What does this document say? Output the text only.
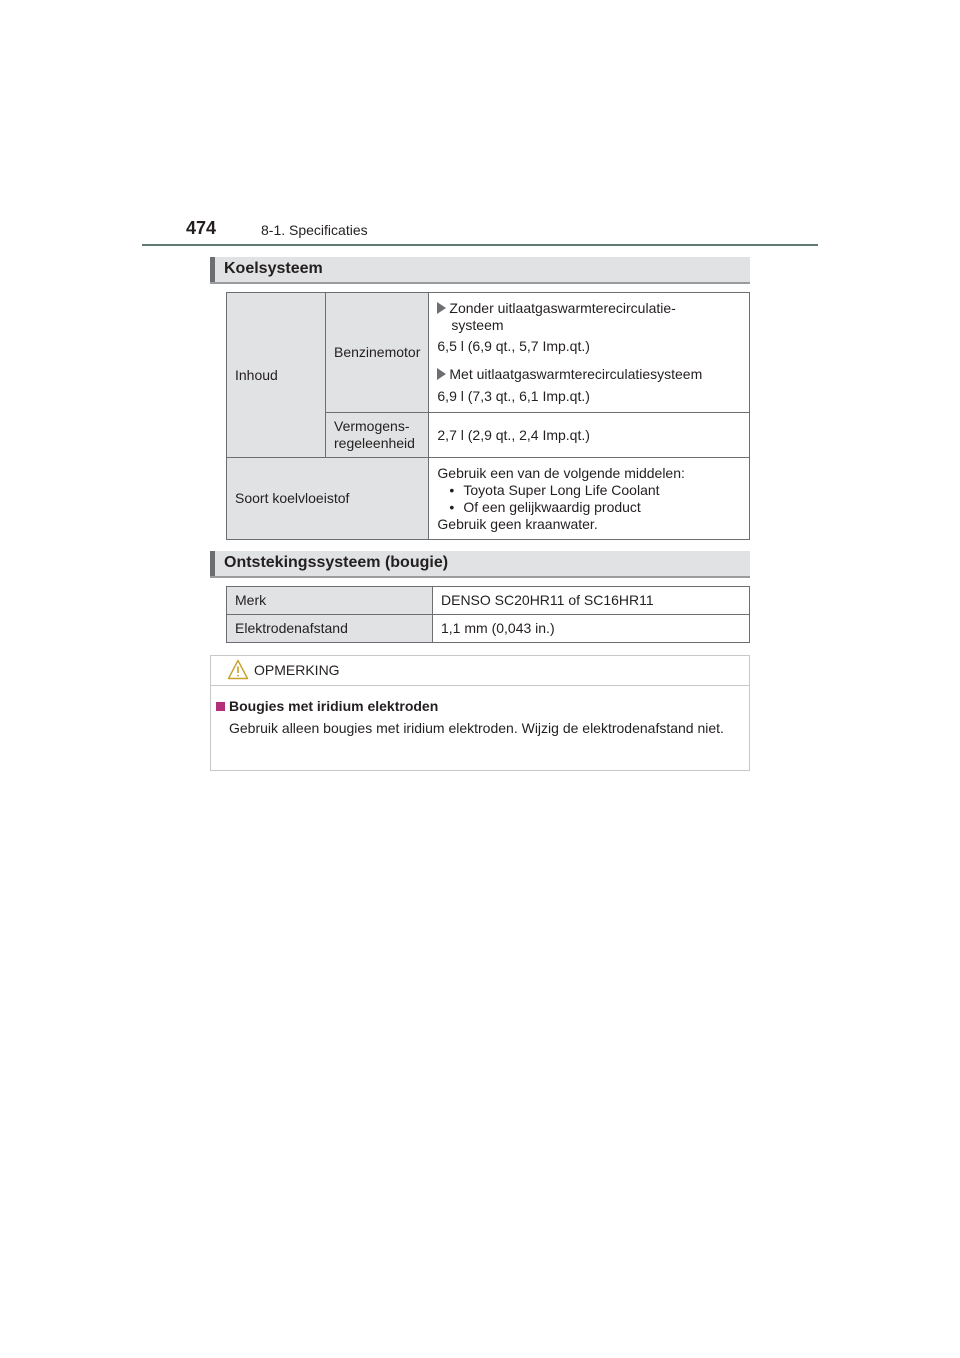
474	8-1. Specificaties
Koelsysteem
Inhoud	Benzinemotor	Zonder uitlaatgaswarmterecirculatie-
systeem
6,5 l (6,9 qt., 5,7 Imp.qt.)
Met uitlaatgaswarmterecirculatiesysteem
6,9 l (7,3 qt., 6,1 Imp.qt.)

	Vermogens-
regeleenheid	2,7 l (2,9 qt., 2,4 Imp.qt.)
Soort koelvloeistof		Gebruik een van de volgende middelen:
• Toyota Super Long Life Coolant
• Of een gelijkwaardig product
Gebruik geen kraanwater.
Ontstekingssysteem (bougie)
Merk	DENSO SC20HR11 of SC16HR11
Elektrodenafstand	1,1 mm (0,043 in.)
OPMERKING
Bougies met iridium elektroden
Gebruik alleen bougies met iridium elektroden. Wijzig de elektrodenafstand niet.
